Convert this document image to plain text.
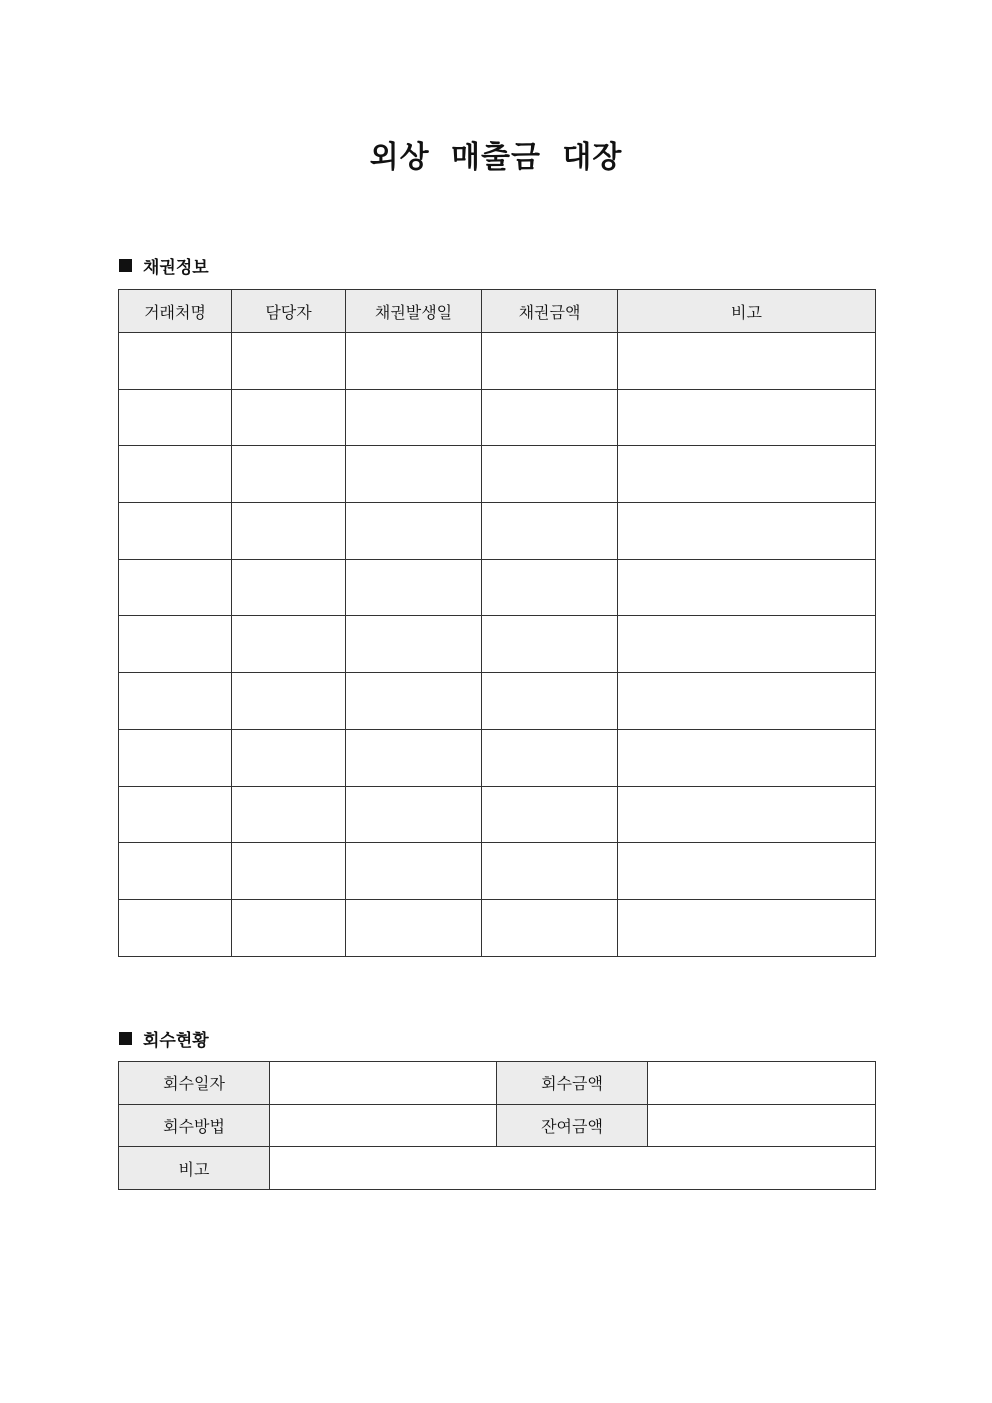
외상 매출금 대장
채권정보
거래처명	담당자	채권발생일	채권금액	비고

회수현황
회수일자		회수금액	
회수방법		잔여금액	
비고			
